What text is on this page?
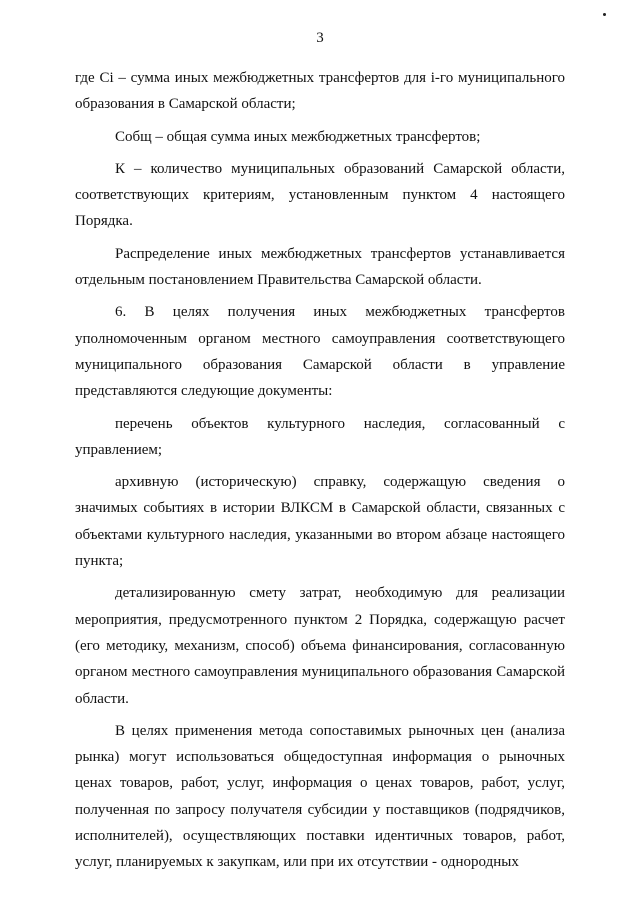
3

где Ci – сумма иных межбюджетных трансфертов для i-го муниципального образования в Самарской области;

Собщ – общая сумма иных межбюджетных трансфертов;

К – количество муниципальных образований Самарской области, соответствующих критериям, установленным пунктом 4 настоящего Порядка.

Распределение иных межбюджетных трансфертов устанавливается отдельным постановлением Правительства Самарской области.

6. В целях получения иных межбюджетных трансфертов уполномоченным органом местного самоуправления соответствующего муниципального образования Самарской области в управление представляются следующие документы:

перечень объектов культурного наследия, согласованный с управлением;

архивную (историческую) справку, содержащую сведения о значимых событиях в истории ВЛКСМ в Самарской области, связанных с объектами культурного наследия, указанными во втором абзаце настоящего пункта;

детализированную смету затрат, необходимую для реализации мероприятия, предусмотренного пунктом 2 Порядка, содержащую расчет (его методику, механизм, способ) объема финансирования, согласованную органом местного самоуправления муниципального образования Самарской области.

В целях применения метода сопоставимых рыночных цен (анализа рынка) могут использоваться общедоступная информация о рыночных ценах товаров, работ, услуг, информация о ценах товаров, работ, услуг, полученная по запросу получателя субсидии у поставщиков (подрядчиков, исполнителей), осуществляющих поставки идентичных товаров, работ, услуг, планируемых к закупкам, или при их отсутствии - однородных
